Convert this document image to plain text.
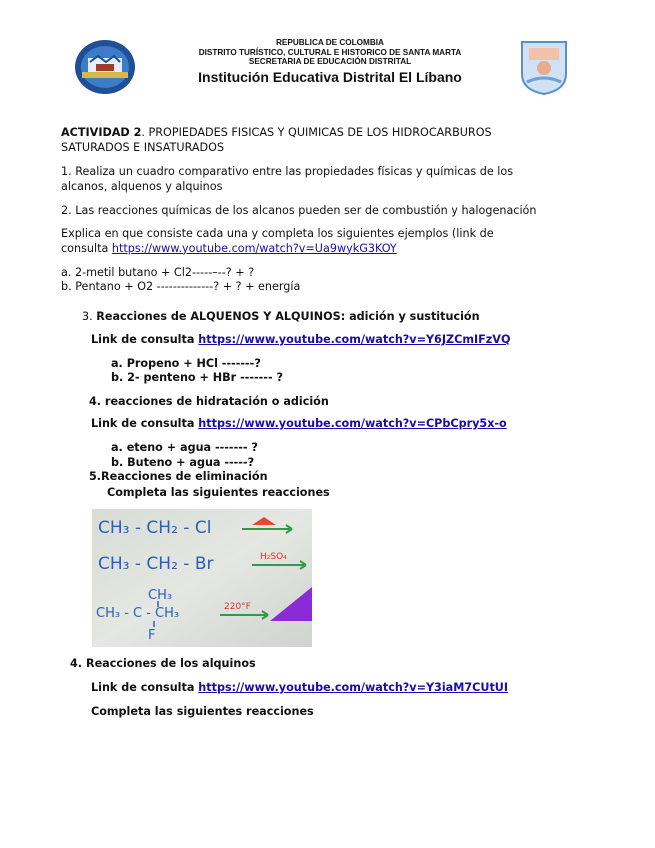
REPUBLICA DE COLOMBIA
DISTRITO TURÍSTICO, CULTURAL E HISTORICO DE SANTA MARTA
SECRETARIA DE EDUCACIÓN DISTRITAL
Institución Educativa Distrital El Líbano
ACTIVIDAD 2. PROPIEDADES FISICAS Y QUIMICAS DE LOS HIDROCARBUROS
SATURADOS E INSATURADOS
1. Realiza un cuadro comparativo entre las propiedades físicas y químicas de los
alcanos, alquenos y alquinos
2. Las reacciones químicas de los alcanos pueden ser de combustión y halogenación
Explica en que consiste cada una y completa los siguientes ejemplos (link de
consulta https://www.youtube.com/watch?v=Ua9wykG3KOY
a. 2-metil butano + Cl2-----–--? + ?
b. Pentano + O2 --------------? + ? + energía
3. Reacciones de ALQUENOS Y ALQUINOS: adición y sustitución
Link de consulta https://www.youtube.com/watch?v=Y6JZCmIFzVQ
a. Propeno + HCl -------?
b. 2- penteno + HBr ------- ?
4. reacciones de hidratación o adición
Link de consulta https://www.youtube.com/watch?v=CPbCpry5x-o
a. eteno + agua ------- ?
b. Buteno + agua -----?
5.Reacciones de eliminación
Completa las siguientes reacciones
CH₃ - CH₂ - Cl
CH₃ - CH₂ - Br	H₂SO₄
CH₃
CH₃ - C - CH₃
F
220°F
4. Reacciones de los alquinos
Link de consulta https://www.youtube.com/watch?v=Y3iaM7CUtUI
Completa las siguientes reacciones
